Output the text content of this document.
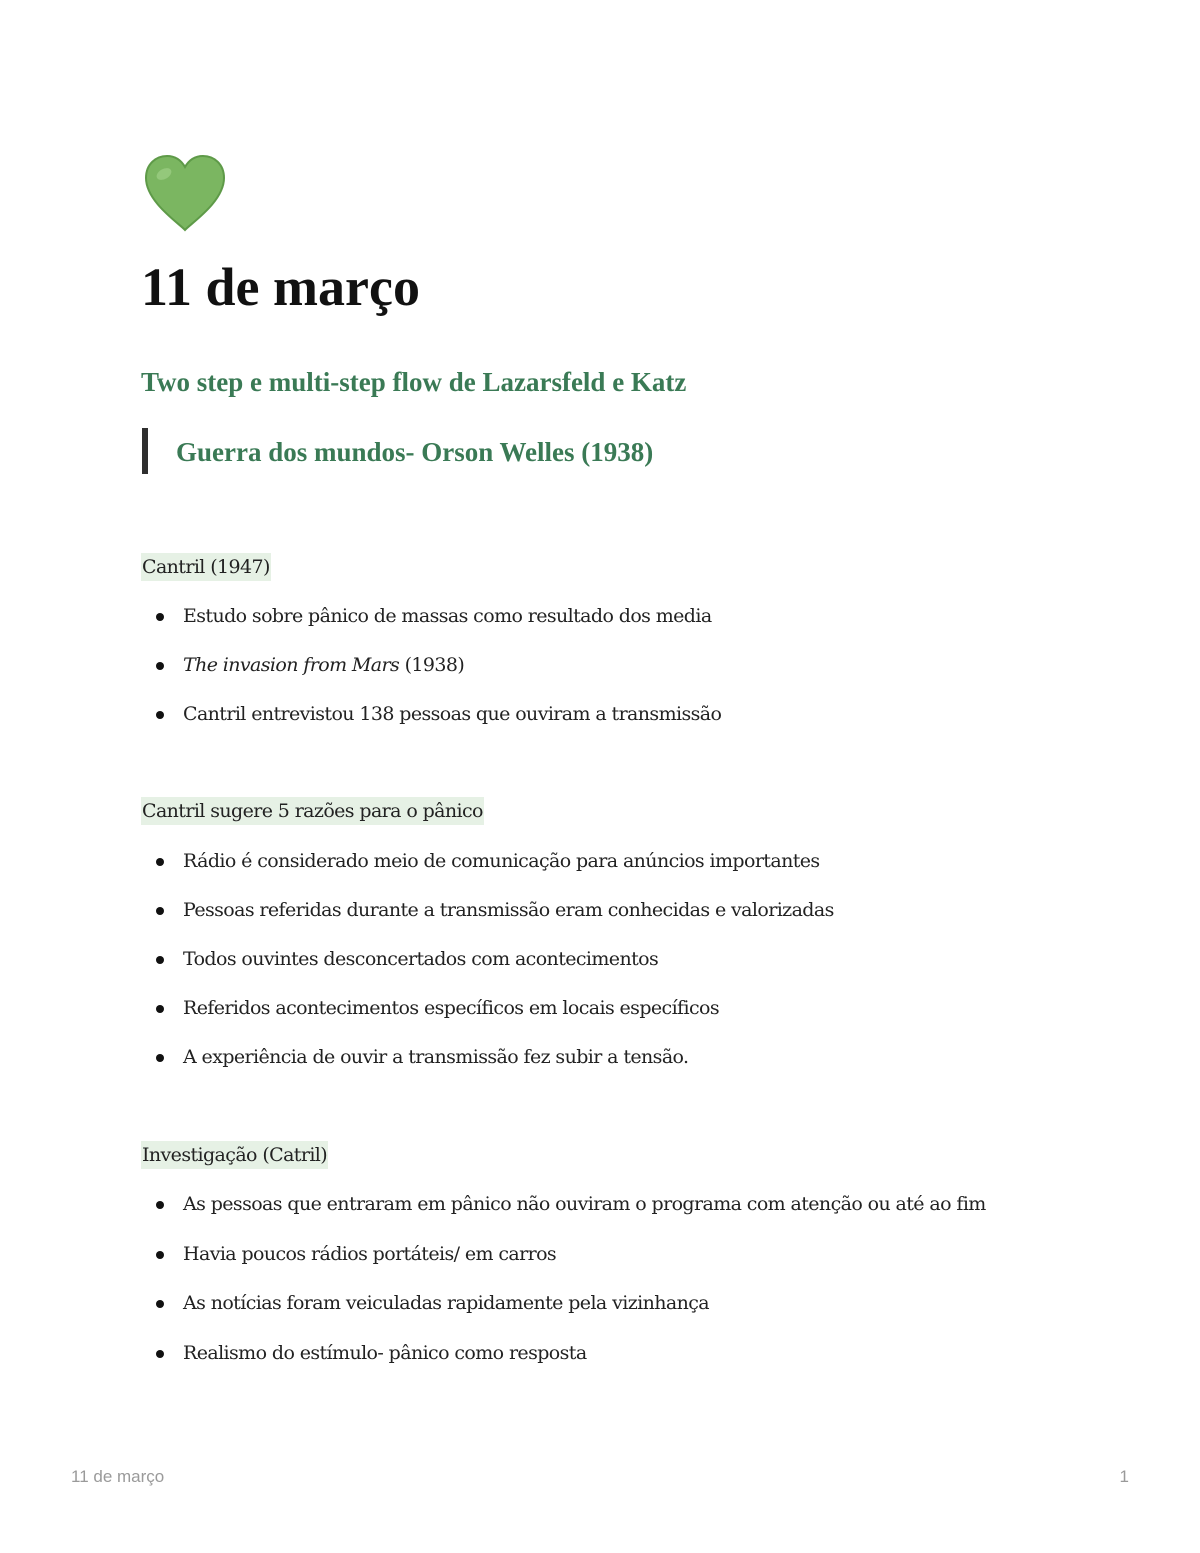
11 de março
Two step e multi-step flow de Lazarsfeld e Katz
Guerra dos mundos- Orson Welles (1938)
Cantril (1947)
Estudo sobre pânico de massas como resultado dos media
The invasion from Mars (1938)
Cantril entrevistou 138 pessoas que ouviram a transmissão
Cantril sugere 5 razões para o pânico
Rádio é considerado meio de comunicação para anúncios importantes
Pessoas referidas durante a transmissão eram conhecidas e valorizadas
Todos ouvintes desconcertados com acontecimentos
Referidos acontecimentos específicos em locais específicos
A experiência de ouvir a transmissão fez subir a tensão.
Investigação (Catril)
As pessoas que entraram em pânico não ouviram o programa com atenção ou até ao fim
Havia poucos rádios portáteis/ em carros
As notícias foram veiculadas rapidamente pela vizinhança
Realismo do estímulo- pânico como resposta
11 de março	1
